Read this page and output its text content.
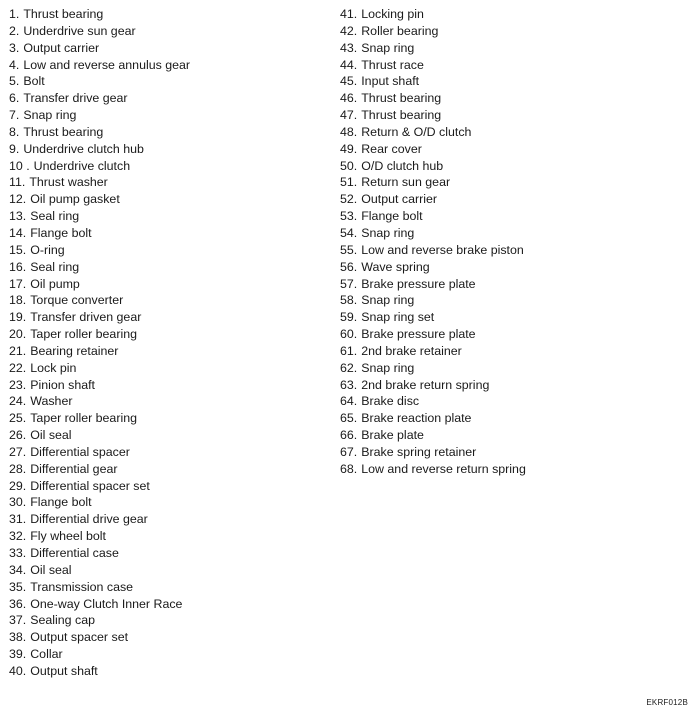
1. Thrust bearing
2. Underdrive sun gear
3. Output carrier
4. Low and reverse annulus gear
5. Bolt
6. Transfer drive gear
7. Snap ring
8. Thrust bearing
9. Underdrive clutch hub
10 . Underdrive clutch
11. Thrust washer
12. Oil pump gasket
13. Seal ring
14. Flange bolt
15. O-ring
16. Seal ring
17. Oil pump
18. Torque converter
19. Transfer driven gear
20. Taper roller bearing
21. Bearing retainer
22. Lock pin
23. Pinion shaft
24. Washer
25. Taper roller bearing
26. Oil seal
27. Differential spacer
28. Differential gear
29. Differential spacer set
30. Flange bolt
31. Differential drive gear
32. Fly wheel bolt
33. Differential case
34. Oil seal
35. Transmission case
36. One-way Clutch Inner Race
37. Sealing cap
38. Output spacer set
39. Collar
40. Output shaft
41. Locking pin
42. Roller bearing
43. Snap ring
44. Thrust race
45. Input shaft
46. Thrust bearing
47. Thrust bearing
48. Return & O/D clutch
49. Rear cover
50. O/D clutch hub
51. Return sun gear
52. Output carrier
53. Flange bolt
54. Snap ring
55. Low and reverse brake piston
56. Wave spring
57. Brake pressure plate
58. Snap ring
59. Snap ring set
60. Brake pressure plate
61. 2nd brake retainer
62. Snap ring
63. 2nd brake return spring
64. Brake disc
65. Brake reaction plate
66. Brake plate
67. Brake spring retainer
68. Low and reverse return spring
EKRF012B
